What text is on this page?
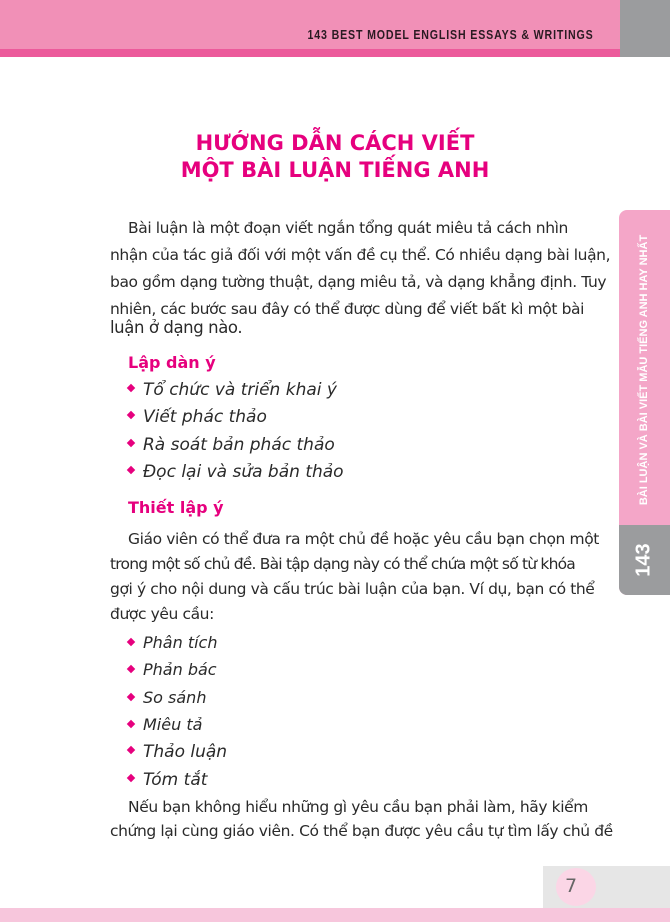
143 BEST MODEL ENGLISH ESSAYS & WRITINGS
BÀI LUẬN VÀ BÀI VIẾT MẪU TIẾNG ANH HAY NHẤT
143
HƯỚNG DẪN CÁCH VIẾT
MỘT BÀI LUẬN TIẾNG ANH
Bài luận là một đoạn viết ngắn tổng quát miêu tả cách nhìn
nhận của tác giả đối với một vấn đề cụ thể. Có nhiều dạng bài luận,
bao gồm dạng tường thuật, dạng miêu tả, và dạng khẳng định. Tuy
nhiên, các bước sau đây có thể được dùng để viết bất kì một bài
luận ở dạng nào.
Lập dàn ý
Tổ chức và triển khai ý
Viết phác thảo
Rà soát bản phác thảo
Đọc lại và sửa bản thảo
Thiết lập ý
Giáo viên có thể đưa ra một chủ đề hoặc yêu cầu bạn chọn một
trong một số chủ đề. Bài tập dạng này có thể chứa một số từ khóa
gợi ý cho nội dung và cấu trúc bài luận của bạn. Ví dụ, bạn có thể
được yêu cầu:
Phân tích
Phản bác
So sánh
Miêu tả
Thảo luận
Tóm tắt
Nếu bạn không hiểu những gì yêu cầu bạn phải làm, hãy kiểm
chứng lại cùng giáo viên. Có thể bạn được yêu cầu tự tìm lấy chủ đề
7
